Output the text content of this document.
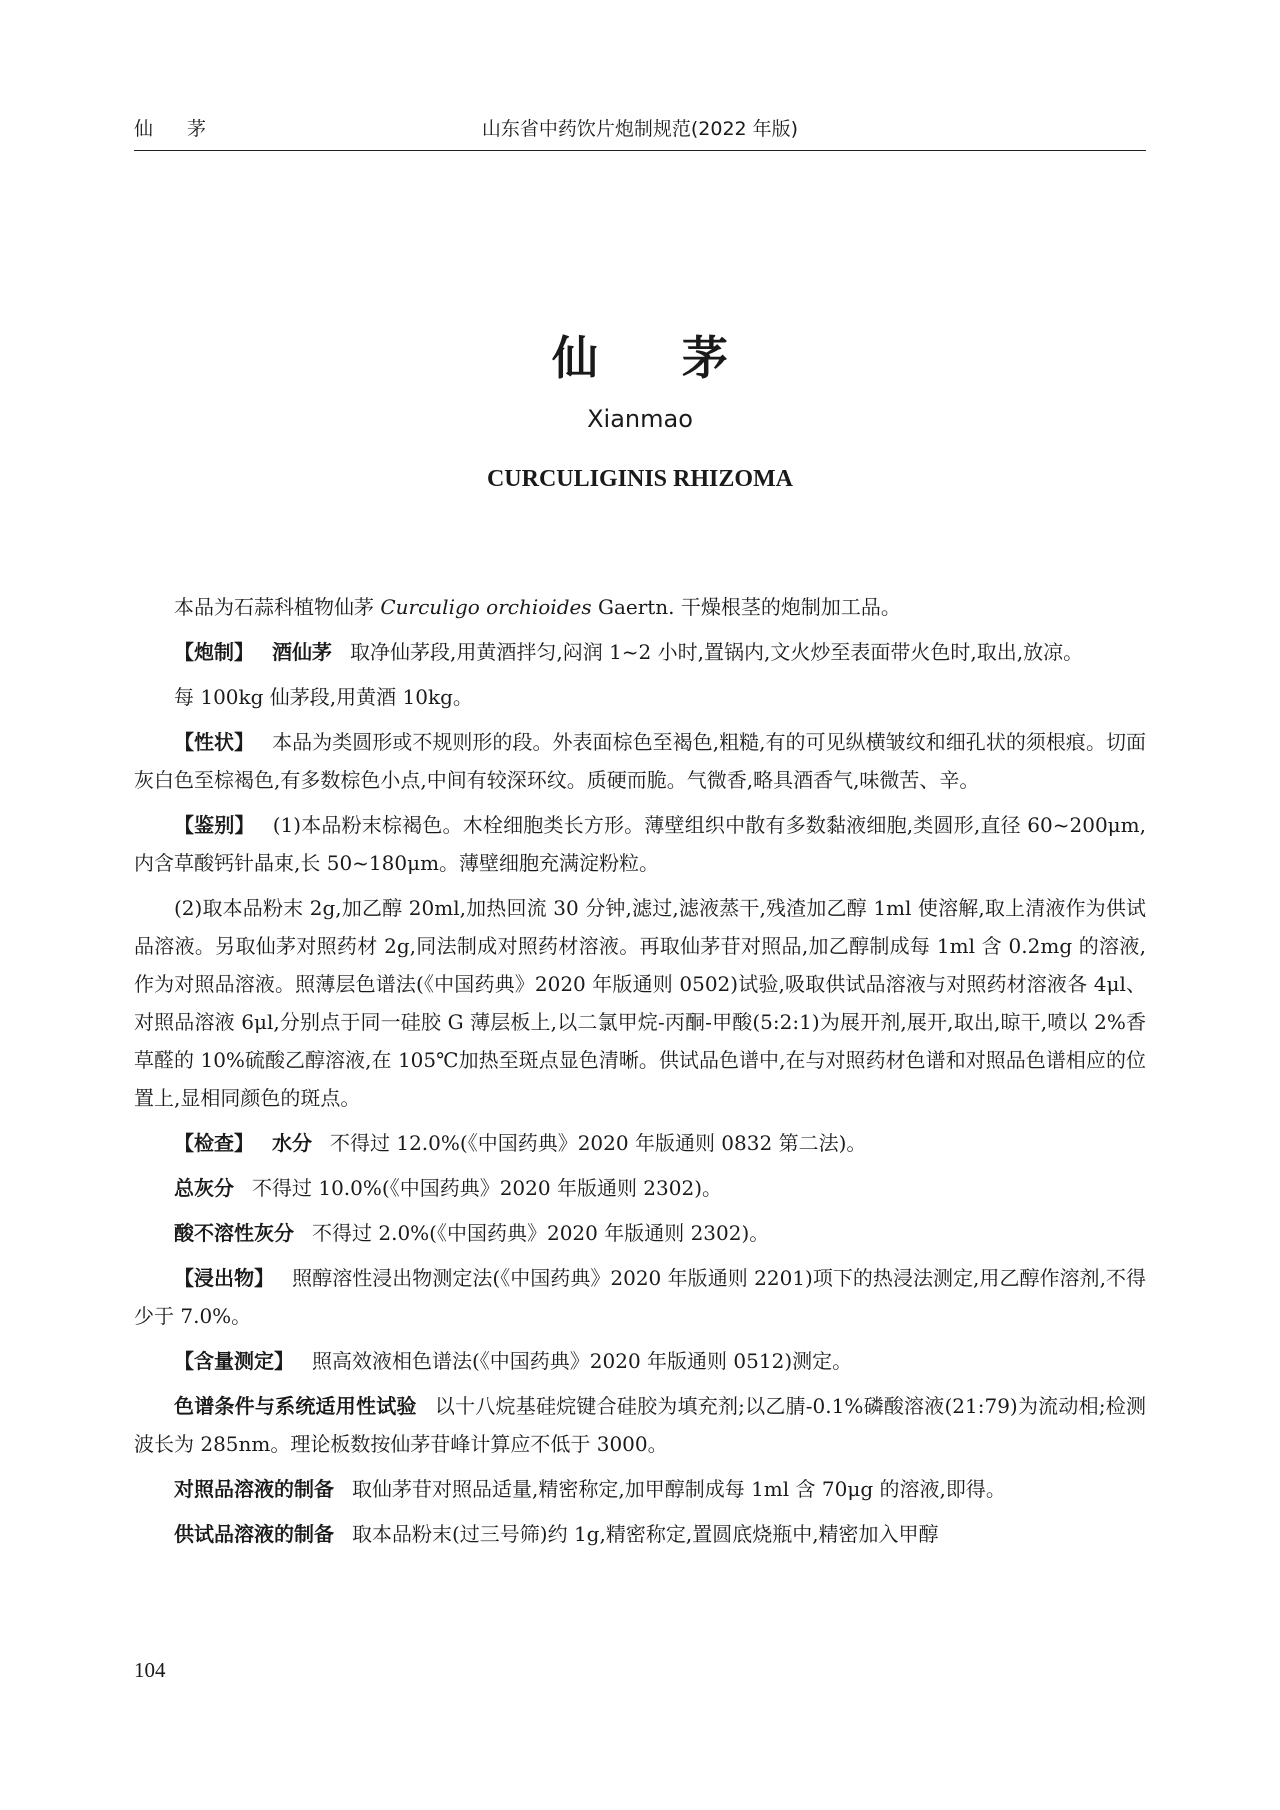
仙 茅	山东省中药饮片炮制规范(2022 年版)
仙 茅
Xianmao
CURCULIGINIS RHIZOMA

本品为石蒜科植物仙茅 Curculigo orchioides Gaertn. 干燥根茎的炮制加工品。

【炮制】 酒仙茅 取净仙茅段,用黄酒拌匀,闷润 1~2 小时,置锅内,文火炒至表面带火色时,取出,放凉。

每 100kg 仙茅段,用黄酒 10kg。

【性状】 本品为类圆形或不规则形的段。外表面棕色至褐色,粗糙,有的可见纵横皱纹和细孔状的须根痕。切面灰白色至棕褐色,有多数棕色小点,中间有较深环纹。质硬而脆。气微香,略具酒香气,味微苦、辛。

【鉴别】 (1)本品粉末棕褐色。木栓细胞类长方形。薄壁组织中散有多数黏液细胞,类圆形,直径 60~200μm,内含草酸钙针晶束,长 50~180μm。薄壁细胞充满淀粉粒。

(2)取本品粉末 2g,加乙醇 20ml,加热回流 30 分钟,滤过,滤液蒸干,残渣加乙醇 1ml 使溶解,取上清液作为供试品溶液。另取仙茅对照药材 2g,同法制成对照药材溶液。再取仙茅苷对照品,加乙醇制成每 1ml 含 0.2mg 的溶液,作为对照品溶液。照薄层色谱法(《中国药典》2020 年版通则 0502)试验,吸取供试品溶液与对照药材溶液各 4μl、对照品溶液 6μl,分别点于同一硅胶 G 薄层板上,以二氯甲烷-丙酮-甲酸(5:2:1)为展开剂,展开,取出,晾干,喷以 2%香草醛的 10%硫酸乙醇溶液,在 105℃加热至斑点显色清晰。供试品色谱中,在与对照药材色谱和对照品色谱相应的位置上,显相同颜色的斑点。

【检查】 水分 不得过 12.0%(《中国药典》2020 年版通则 0832 第二法)。

总灰分 不得过 10.0%(《中国药典》2020 年版通则 2302)。

酸不溶性灰分 不得过 2.0%(《中国药典》2020 年版通则 2302)。

【浸出物】 照醇溶性浸出物测定法(《中国药典》2020 年版通则 2201)项下的热浸法测定,用乙醇作溶剂,不得少于 7.0%。

【含量测定】 照高效液相色谱法(《中国药典》2020 年版通则 0512)测定。

色谱条件与系统适用性试验 以十八烷基硅烷键合硅胶为填充剂;以乙腈-0.1%磷酸溶液(21:79)为流动相;检测波长为 285nm。理论板数按仙茅苷峰计算应不低于 3000。

对照品溶液的制备 取仙茅苷对照品适量,精密称定,加甲醇制成每 1ml 含 70μg 的溶液,即得。

供试品溶液的制备 取本品粉末(过三号筛)约 1g,精密称定,置圆底烧瓶中,精密加入甲醇

104
